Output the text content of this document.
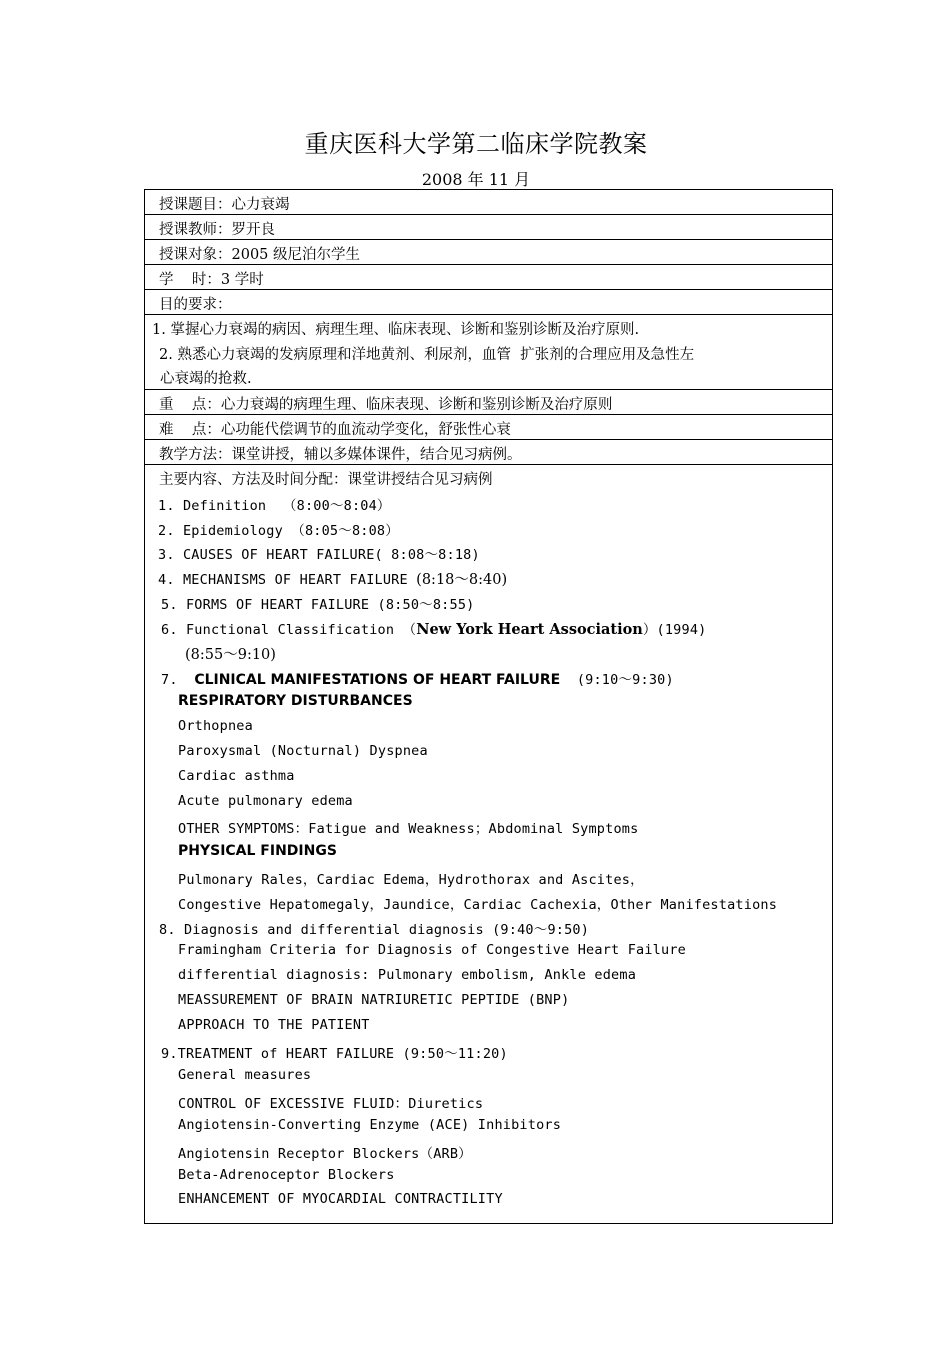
重庆医科大学第二临床学院教案
2008 年 11 月
授课题目：心力衰竭
授课教师：罗开良
授课对象：2005 级尼泊尔学生
学    时：3 学时
目的要求：
1. 掌握心力衰竭的病因、病理生理、临床表现、诊断和鉴别诊断及治疗原则.
2. 熟悉心力衰竭的发病原理和洋地黄剂、利尿剂，血管  扩张剂的合理应用及急性左
心衰竭的抢救.
重    点：心力衰竭的病理生理、临床表现、诊断和鉴别诊断及治疗原则
难    点：心功能代偿调节的血流动学变化，舒张性心衰
教学方法：课堂讲授，辅以多媒体课件，结合见习病例。
主要内容、方法及时间分配：课堂讲授结合见习病例
1. Definition  （8:00～8:04）
2. Epidemiology （8:05～8:08）
3. CAUSES OF HEART FAILURE( 8:08～8:18)
4. MECHANISMS OF HEART FAILURE (8:18～8:40)
5. FORMS OF HEART FAILURE (8:50～8:55)
6. Functional Classification （New York Heart Association）(1994)
(8:55～9:10)
7.  CLINICAL MANIFESTATIONS OF HEART FAILURE  (9:10～9:30)
RESPIRATORY DISTURBANCES
Orthopnea
Paroxysmal (Nocturnal) Dyspnea
Cardiac asthma
Acute pulmonary edema
OTHER SYMPTOMS：Fatigue and Weakness；Abdominal Symptoms
PHYSICAL FINDINGS
Pulmonary Rales，Cardiac Edema，Hydrothorax and Ascites，
Congestive Hepatomegaly，Jaundice，Cardiac Cachexia，Other Manifestations
8. Diagnosis and differential diagnosis (9:40～9:50)
Framingham Criteria for Diagnosis of Congestive Heart Failure
differential diagnosis: Pulmonary embolism, Ankle edema
MEASSUREMENT OF BRAIN NATRIURETIC PEPTIDE (BNP)
APPROACH TO THE PATIENT
9.TREATMENT of HEART FAILURE (9:50～11:20)
General measures
CONTROL OF EXCESSIVE FLUID：Diuretics
Angiotensin-Converting Enzyme (ACE) Inhibitors
Angiotensin Receptor Blockers（ARB）
Beta-Adrenoceptor Blockers
ENHANCEMENT OF MYOCARDIAL CONTRACTILITY
